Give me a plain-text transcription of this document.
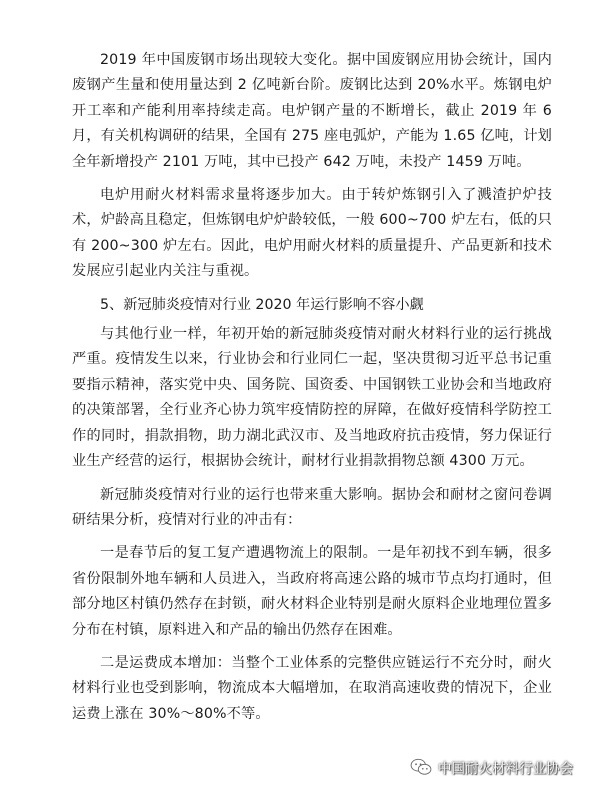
2019 年中国废钢市场出现较大变化。据中国废钢应用协会统计，国内废钢产生量和使用量达到 2 亿吨新台阶。废钢比达到 20%水平。炼钢电炉开工率和产能利用率持续走高。电炉钢产量的不断增长，截止 2019 年 6 月，有关机构调研的结果，全国有 275 座电弧炉，产能为 1.65 亿吨，计划全年新增投产 2101 万吨，其中已投产 642 万吨，未投产 1459 万吨。

电炉用耐火材料需求量将逐步加大。由于转炉炼钢引入了溅渣护炉技术，炉龄高且稳定，但炼钢电炉炉龄较低，一般 600~700 炉左右，低的只有 200~300 炉左右。因此，电炉用耐火材料的质量提升、产品更新和技术发展应引起业内关注与重视。

5、新冠肺炎疫情对行业 2020 年运行影响不容小觑

与其他行业一样，年初开始的新冠肺炎疫情对耐火材料行业的运行挑战严重。疫情发生以来，行业协会和行业同仁一起，坚决贯彻习近平总书记重要指示精神，落实党中央、国务院、国资委、中国钢铁工业协会和当地政府的决策部署，全行业齐心协力筑牢疫情防控的屏障，在做好疫情科学防控工作的同时，捐款捐物，助力湖北武汉市、及当地政府抗击疫情，努力保证行业生产经营的运行，根据协会统计，耐材行业捐款捐物总额 4300 万元。

新冠肺炎疫情对行业的运行也带来重大影响。据协会和耐材之窗问卷调研结果分析，疫情对行业的冲击有：

一是春节后的复工复产遭遇物流上的限制。一是年初找不到车辆，很多省份限制外地车辆和人员进入，当政府将高速公路的城市节点均打通时，但部分地区村镇仍然存在封锁，耐火材料企业特别是耐火原料企业地理位置多分布在村镇，原料进入和产品的输出仍然存在困难。

二是运费成本增加：当整个工业体系的完整供应链运行不充分时，耐火材料行业也受到影响，物流成本大幅增加，在取消高速收费的情况下，企业运费上涨在 30%～80%不等。

中国耐火材料行业协会
